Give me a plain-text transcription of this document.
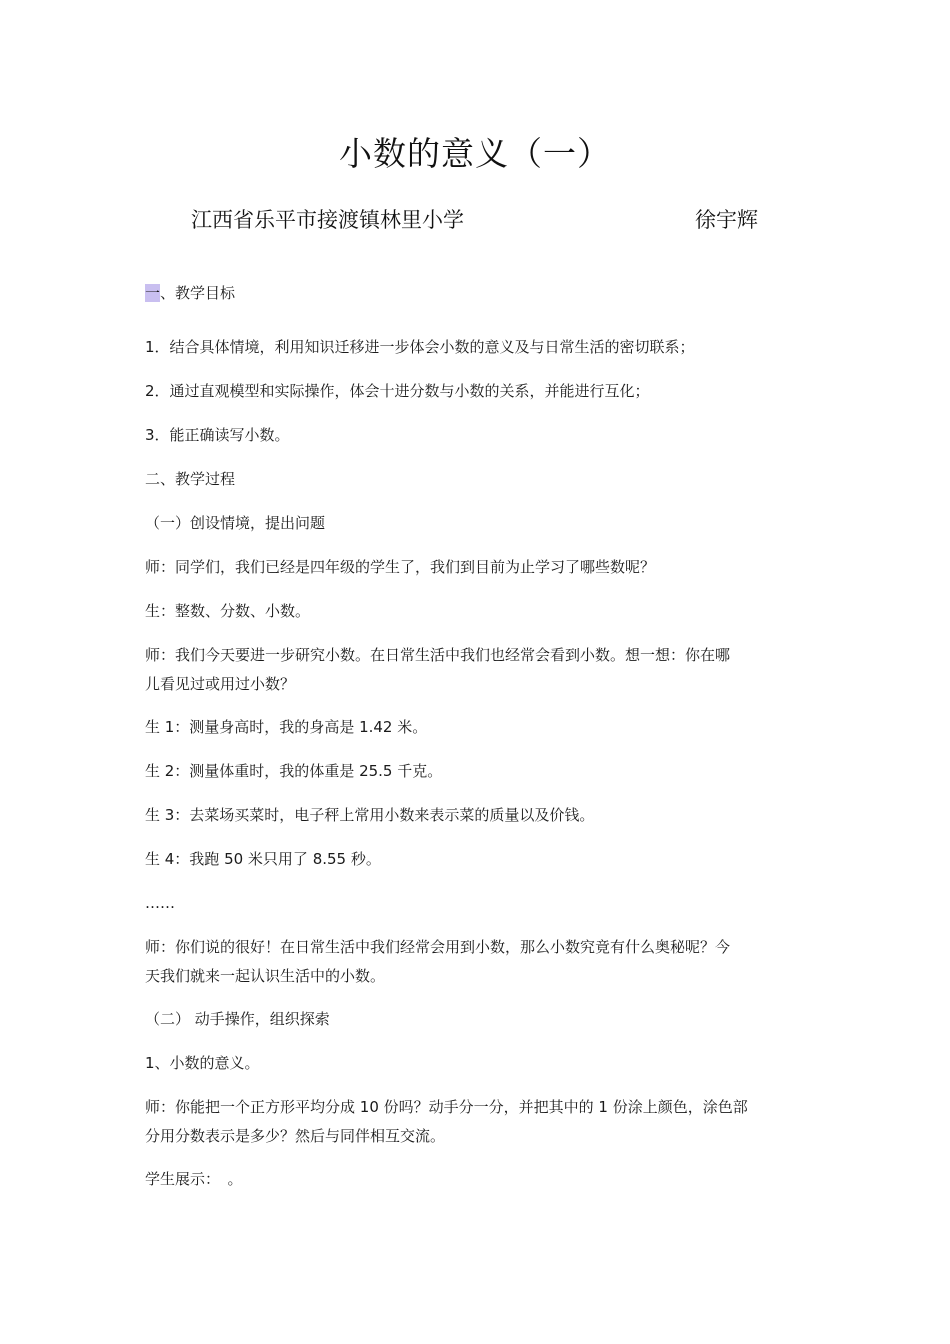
小数的意义（一）
江西省乐平市接渡镇林里小学	徐宇辉
一、教学目标
1．结合具体情境，利用知识迁移进一步体会小数的意义及与日常生活的密切联系；
2．通过直观模型和实际操作，体会十进分数与小数的关系，并能进行互化；
3．能正确读写小数。
二、教学过程
（一）创设情境，提出问题
师：同学们，我们已经是四年级的学生了，我们到目前为止学习了哪些数呢？
生：整数、分数、小数。
师：我们今天要进一步研究小数。在日常生活中我们也经常会看到小数。想一想：你在哪
儿看见过或用过小数？
生 1：测量身高时，我的身高是 1.42 米。
生 2：测量体重时，我的体重是 25.5 千克。
生 3：去菜场买菜时，电子秤上常用小数来表示菜的质量以及价钱。
生 4：我跑 50 米只用了 8.55 秒。
……
师：你们说的很好！在日常生活中我们经常会用到小数，那么小数究竟有什么奥秘呢？今
天我们就来一起认识生活中的小数。
（二） 动手操作，组织探索
1、小数的意义。
师：你能把一个正方形平均分成 10 份吗？动手分一分，并把其中的 1 份涂上颜色，涂色部
分用分数表示是多少？然后与同伴相互交流。
学生展示：　。
